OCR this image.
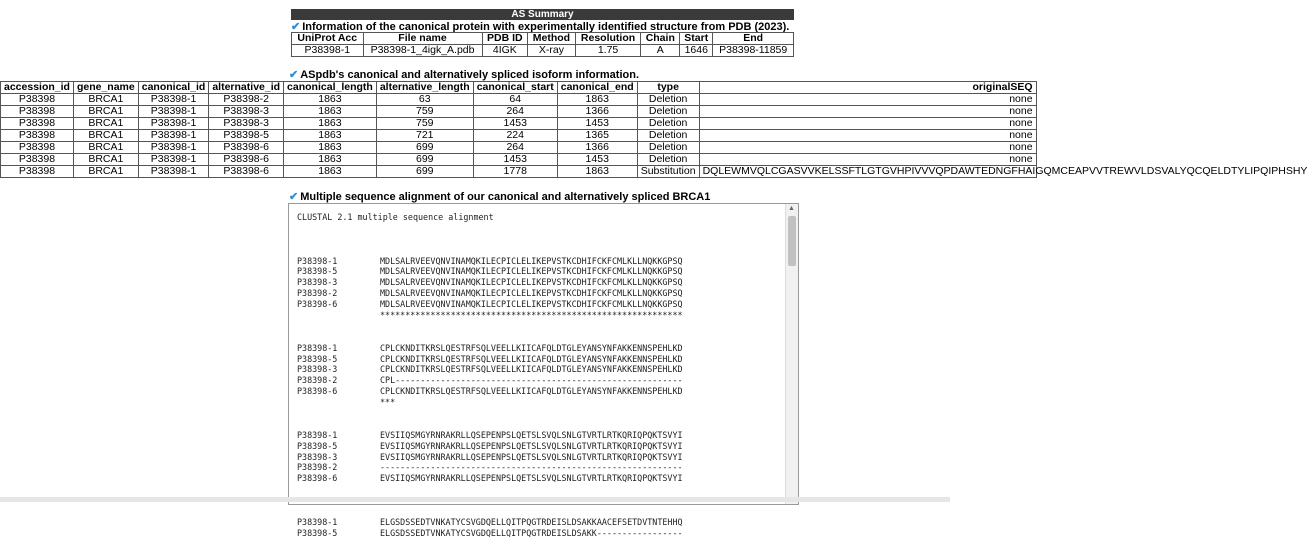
AS Summary
✔ Information of the canonical protein with experimentally identified structure from PDB (2023).
UniProt Acc	File name	PDB ID	Method	Resolution	Chain	Start	End
P38398-1	P38398-1_4igk_A.pdb	4IGK	X-ray	1.75	A	1646	P38398-11859
✔ ASpdb's canonical and alternatively spliced isoform information.
accession_id	gene_name	canonical_id	alternative_id	canonical_length	alternative_length	canonical_start	canonical_end	type	originalSEQ
P38398	BRCA1	P38398-1	P38398-2	1863	63	64	1863	Deletion	none
P38398	BRCA1	P38398-1	P38398-3	1863	759	264	1366	Deletion	none
P38398	BRCA1	P38398-1	P38398-3	1863	759	1453	1453	Deletion	none
P38398	BRCA1	P38398-1	P38398-5	1863	721	224	1365	Deletion	none
P38398	BRCA1	P38398-1	P38398-6	1863	699	264	1366	Deletion	none
P38398	BRCA1	P38398-1	P38398-6	1863	699	1453	1453	Deletion	none
P38398	BRCA1	P38398-1	P38398-6	1863	699	1778	1863	Substitution	DQLEWMVQLCGASVVKELSSFTLGTGVHPIVVVQPDAWTEDNGFHAIGQMCEAPVVTREWVLDSVALYQCQELDTYLIPQIPHSHY
✔ Multiple sequence alignment of our canonical and alternatively spliced BRCA1
CLUSTAL 2.1 multiple sequence alignment
P38398-1	MDLSALRVEEVQNVINAMQKILECPICLELIKEPVSTKCDHIFCKFCMLKLLNQKKGPSQ
P38398-5	MDLSALRVEEVQNVINAMQKILECPICLELIKEPVSTKCDHIFCKFCMLKLLNQKKGPSQ
P38398-3	MDLSALRVEEVQNVINAMQKILECPICLELIKEPVSTKCDHIFCKFCMLKLLNQKKGPSQ
P38398-2	MDLSALRVEEVQNVINAMQKILECPICLELIKEPVSTKCDHIFCKFCMLKLLNQKKGPSQ
P38398-6	MDLSALRVEEVQNVINAMQKILECPICLELIKEPVSTKCDHIFCKFCMLKLLNQKKGPSQ
************************************************************
P38398-1	CPLCKNDITKRSLQESTRFSQLVEELLKIICAFQLDTGLEYANSYNFAKKENNSPEHLKD
P38398-5	CPLCKNDITKRSLQESTRFSQLVEELLKIICAFQLDTGLEYANSYNFAKKENNSPEHLKD
P38398-3	CPLCKNDITKRSLQESTRFSQLVEELLKIICAFQLDTGLEYANSYNFAKKENNSPEHLKD
P38398-2	CPL---------------------------------------------------------
P38398-6	CPLCKNDITKRSLQESTRFSQLVEELLKIICAFQLDTGLEYANSYNFAKKENNSPEHLKD
***
P38398-1	EVSIIQSMGYRNRAKRLLQSEPENPSLQETSLSVQLSNLGTVRTLRTKQRIQPQKTSVYI
P38398-5	EVSIIQSMGYRNRAKRLLQSEPENPSLQETSLSVQLSNLGTVRTLRTKQRIQPQKTSVYI
P38398-3	EVSIIQSMGYRNRAKRLLQSEPENPSLQETSLSVQLSNLGTVRTLRTKQRIQPQKTSVYI
P38398-2	------------------------------------------------------------
P38398-6	EVSIIQSMGYRNRAKRLLQSEPENPSLQETSLSVQLSNLGTVRTLRTKQRIQPQKTSVYI
P38398-1	ELGSDSSEDTVNKATYCSVGDQELLQITPQGTRDEISLDSAKKAACEFSETDVTNTEHHQ
P38398-5	ELGSDSSEDTVNKATYCSVGDQELLQITPQGTRDEISLDSAKK-----------------
▲
